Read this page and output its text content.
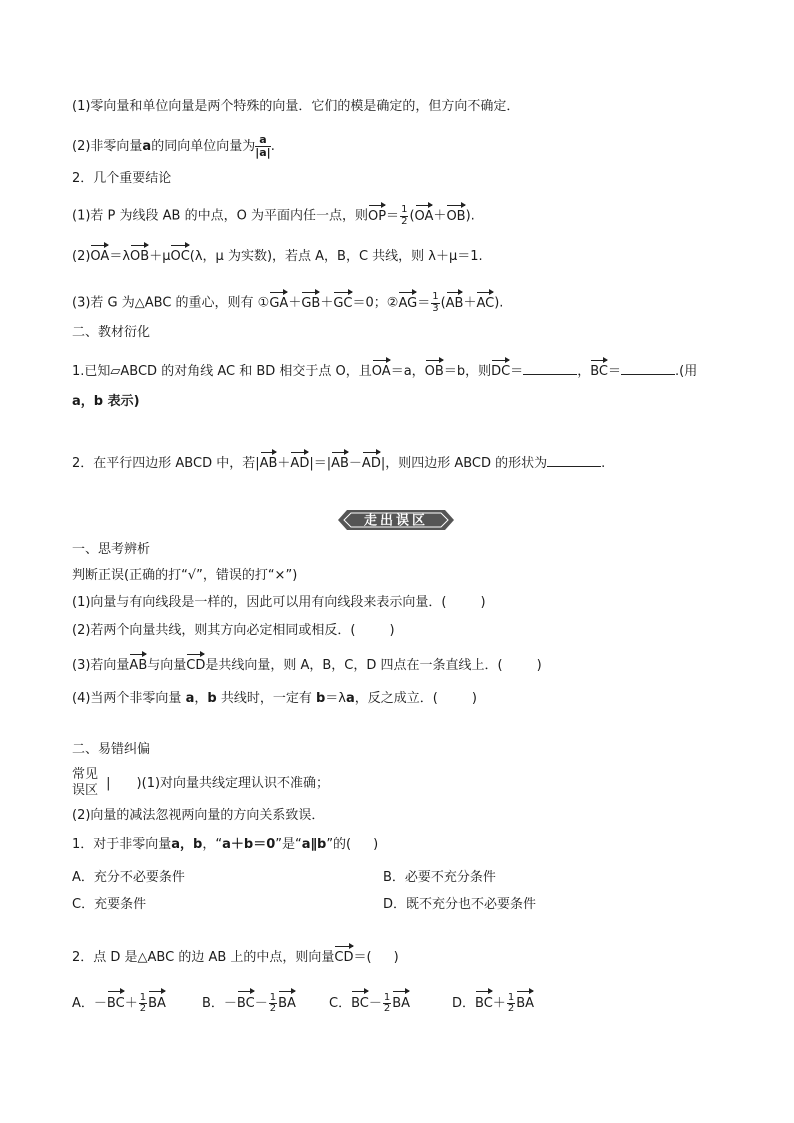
(1)零向量和单位向量是两个特殊的向量．它们的模是确定的，但方向不确定．
(2)非零向量a的同向单位向量为 $\frac{a}{|a|}$ .
2．几个重要结论
(1)若 P 为线段 AB 的中点，O 为平面内任一点，则$OP= \frac{1}{2} (OA+OB)$.
(2)OA＝λOB＋μOC(λ，μ 为实数)，若点 A，B，C 共线，则 λ＋μ＝1.
(3)若 G 为△ABC 的重心，则有 ①GA＋GB＋GC＝0；②AG＝ $\frac{1}{3} (AB+AC)$.
二、教材衍化
1.已知▱ABCD 的对角线 AC 和 BD 相交于点 O，且OA＝a，OB＝b，则DC＝	，BC＝	.(用
a，b 表示)
2．在平行四边形 ABCD 中，若|AB＋AD|＝|AB－AD|，则四边形 ABCD 的形状为	.
走出误区
一、思考辨析
判断正误(正确的打“√”，错误的打“×”)
(1)向量与有向线段是一样的，因此可以用有向线段来表示向量．(	)
(2)若两个向量共线，则其方向必定相同或相反．(	)
(3)若向量AB与向量CD是共线向量，则 A，B，C，D 四点在一条直线上．(	)
(4)当两个非零向量 a，b 共线时，一定有 b＝λa，反之成立．(	)
二、易错纠偏
常见
误区 | )(1)对向量共线定理认识不准确；
(2)向量的减法忽视两向量的方向关系致误．
1．对于非零向量a，b，“a＋b＝0”是“a∥b”的( )
A．充分不必要条件	B．必要不充分条件
C．充要条件	D．既不充分也不必要条件
2．点 D 是△ABC 的边 AB 上的中点，则向量CD＝( )
A．$-BC+ \frac{1}{2}$ BA	B．$-BC- \frac{1}{2}$ BA	C．$BC- \frac{1}{2}$ BA	D．$BC+ \frac{1}{2}$ BA
